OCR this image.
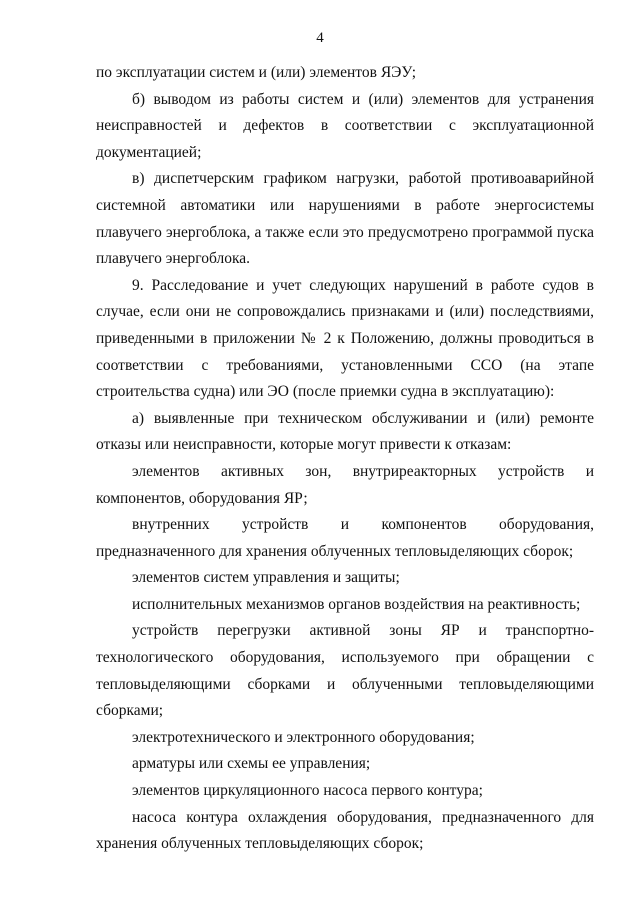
4

по эксплуатации систем и (или) элементов ЯЭУ;

б) выводом из работы систем и (или) элементов для устранения неисправностей и дефектов в соответствии с эксплуатационной документацией;

в) диспетчерским графиком нагрузки, работой противоаварийной системной автоматики или нарушениями в работе энергосистемы плавучего энергоблока, а также если это предусмотрено программой пуска плавучего энергоблока.

9. Расследование и учет следующих нарушений в работе судов в случае, если они не сопровождались признаками и (или) последствиями, приведенными в приложении № 2 к Положению, должны проводиться в соответствии с требованиями, установленными ССО (на этапе строительства судна) или ЭО (после приемки судна в эксплуатацию):

а) выявленные при техническом обслуживании и (или) ремонте отказы или неисправности, которые могут привести к отказам:

элементов активных зон, внутриреакторных устройств и компонентов, оборудования ЯР;

внутренних устройств и компонентов оборудования, предназначенного для хранения облученных тепловыделяющих сборок;

элементов систем управления и защиты;

исполнительных механизмов органов воздействия на реактивность;

устройств перегрузки активной зоны ЯР и транспортно-технологического оборудования, используемого при обращении с тепловыделяющими сборками и облученными тепловыделяющими сборками;

электротехнического и электронного оборудования;

арматуры или схемы ее управления;

элементов циркуляционного насоса первого контура;

насоса контура охлаждения оборудования, предназначенного для хранения облученных тепловыделяющих сборок;
